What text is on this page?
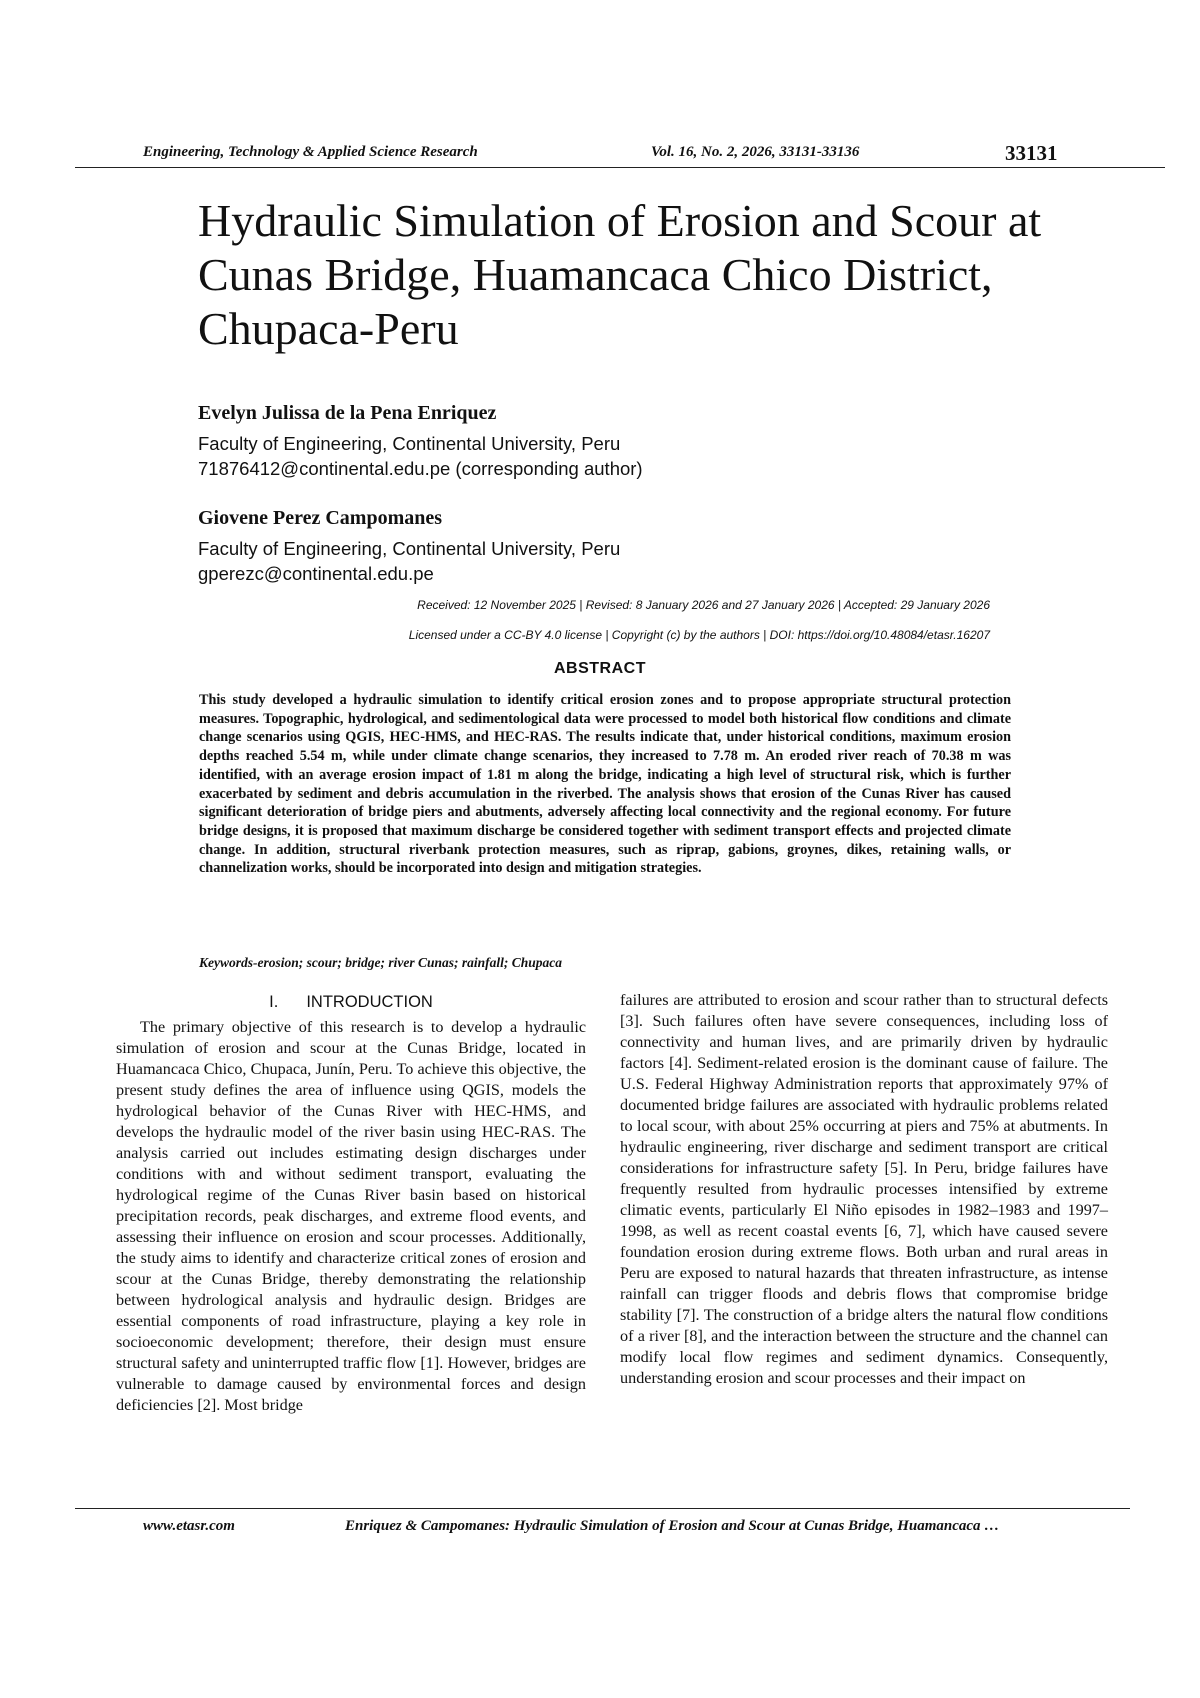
Engineering, Technology & Applied Science Research	Vol. 16, No. 2, 2026, 33131-33136	33131
Hydraulic Simulation of Erosion and Scour at Cunas Bridge, Huamancaca Chico District, Chupaca-Peru
Evelyn Julissa de la Pena Enriquez
Faculty of Engineering, Continental University, Peru
71876412@continental.edu.pe (corresponding author)
Giovene Perez Campomanes
Faculty of Engineering, Continental University, Peru
gperezc@continental.edu.pe
Received: 12 November 2025 | Revised: 8 January 2026 and 27 January 2026 | Accepted: 29 January 2026
Licensed under a CC-BY 4.0 license | Copyright (c) by the authors | DOI: https://doi.org/10.48084/etasr.16207
ABSTRACT
This study developed a hydraulic simulation to identify critical erosion zones and to propose appropriate structural protection measures. Topographic, hydrological, and sedimentological data were processed to model both historical flow conditions and climate change scenarios using QGIS, HEC-HMS, and HEC-RAS. The results indicate that, under historical conditions, maximum erosion depths reached 5.54 m, while under climate change scenarios, they increased to 7.78 m. An eroded river reach of 70.38 m was identified, with an average erosion impact of 1.81 m along the bridge, indicating a high level of structural risk, which is further exacerbated by sediment and debris accumulation in the riverbed. The analysis shows that erosion of the Cunas River has caused significant deterioration of bridge piers and abutments, adversely affecting local connectivity and the regional economy. For future bridge designs, it is proposed that maximum discharge be considered together with sediment transport effects and projected climate change. In addition, structural riverbank protection measures, such as riprap, gabions, groynes, dikes, retaining walls, or channelization works, should be incorporated into design and mitigation strategies.
Keywords-erosion; scour; bridge; river Cunas; rainfall; Chupaca
I. INTRODUCTION

The primary objective of this research is to develop a hydraulic simulation of erosion and scour at the Cunas Bridge, located in Huamancaca Chico, Chupaca, Junín, Peru. To achieve this objective, the present study defines the area of influence using QGIS, models the hydrological behavior of the Cunas River with HEC-HMS, and develops the hydraulic model of the river basin using HEC-RAS. The analysis carried out includes estimating design discharges under conditions with and without sediment transport, evaluating the hydrological regime of the Cunas River basin based on historical precipitation records, peak discharges, and extreme flood events, and assessing their influence on erosion and scour processes. Additionally, the study aims to identify and characterize critical zones of erosion and scour at the Cunas Bridge, thereby demonstrating the relationship between hydrological analysis and hydraulic design. Bridges are essential components of road infrastructure, playing a key role in socioeconomic development; therefore, their design must ensure structural safety and uninterrupted traffic flow [1]. However, bridges are vulnerable to damage caused by environmental forces and design deficiencies [2]. Most bridge

failures are attributed to erosion and scour rather than to structural defects [3]. Such failures often have severe consequences, including loss of connectivity and human lives, and are primarily driven by hydraulic factors [4]. Sediment-related erosion is the dominant cause of failure. The U.S. Federal Highway Administration reports that approximately 97% of documented bridge failures are associated with hydraulic problems related to local scour, with about 25% occurring at piers and 75% at abutments. In hydraulic engineering, river discharge and sediment transport are critical considerations for infrastructure safety [5]. In Peru, bridge failures have frequently resulted from hydraulic processes intensified by extreme climatic events, particularly El Niño episodes in 1982–1983 and 1997–1998, as well as recent coastal events [6, 7], which have caused severe foundation erosion during extreme flows. Both urban and rural areas in Peru are exposed to natural hazards that threaten infrastructure, as intense rainfall can trigger floods and debris flows that compromise bridge stability [7]. The construction of a bridge alters the natural flow conditions of a river [8], and the interaction between the structure and the channel can modify local flow regimes and sediment dynamics. Consequently, understanding erosion and scour processes and their impact on

www.etasr.com	Enriquez & Campomanes: Hydraulic Simulation of Erosion and Scour at Cunas Bridge, Huamancaca …
